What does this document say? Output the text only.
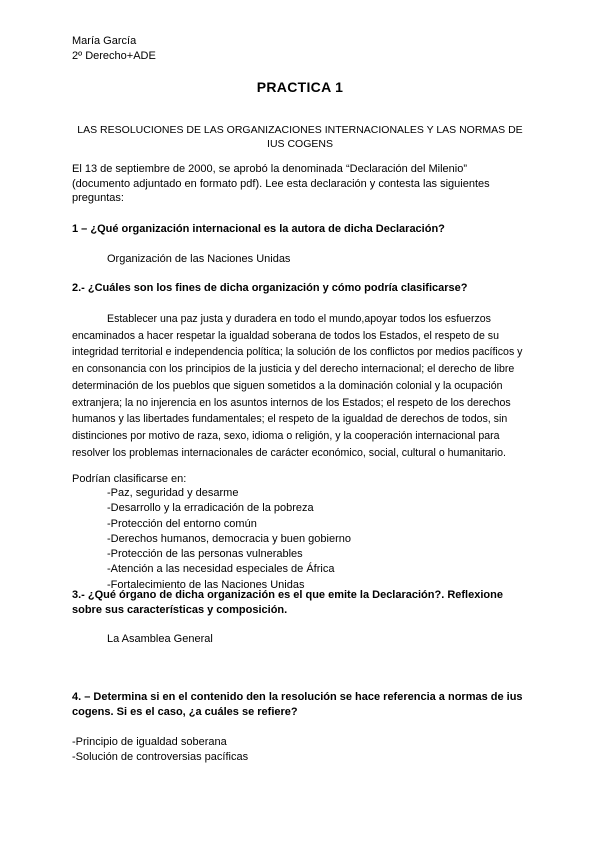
María García
2º Derecho+ADE
PRACTICA 1
LAS RESOLUCIONES DE LAS ORGANIZACIONES INTERNACIONALES Y LAS NORMAS DE IUS COGENS

El 13 de septiembre de 2000, se aprobó la denominada “Declaración del Milenio” (documento adjuntado en formato pdf). Lee esta declaración y contesta las siguientes preguntas:

1 – ¿Qué organización internacional es la autora de dicha Declaración?

Organización de las Naciones Unidas

2.- ¿Cuáles son los fines de dicha organización y cómo podría clasificarse?

Establecer una paz justa y duradera en todo el mundo,apoyar todos los esfuerzos encaminados a hacer respetar la igualdad soberana de todos los Estados, el respeto de su integridad territorial e independencia política; la solución de los conflictos por medios pacíficos y en consonancia con los principios de la justicia y del derecho internacional; el derecho de libre determinación de los pueblos que siguen sometidos a la dominación colonial y la ocupación extranjera; la no injerencia en los asuntos internos de los Estados; el respeto de los derechos humanos y las libertades fundamentales; el respeto de la igualdad de derechos de todos, sin distinciones por motivo de raza, sexo, idioma o religión, y la cooperación internacional para resolver los problemas internacionales de carácter económico, social, cultural o humanitario.

Podrían clasificarse en:

-Paz, seguridad y desarme
-Desarrollo y la erradicación de la pobreza
-Protección del entorno común
-Derechos humanos, democracia y buen gobierno
-Protección de las personas vulnerables
-Atención a las necesidad especiales de África
-Fortalecimiento de las Naciones Unidas

3.- ¿Qué órgano de dicha organización es el que emite la Declaración?. Reflexione sobre sus características y composición.

La Asamblea General

4. – Determina si en el contenido den la resolución se hace referencia a normas de ius cogens. Si es el caso, ¿a cuáles se refiere?

-Principio de igualdad soberana
-Solución de controversias pacíficas
